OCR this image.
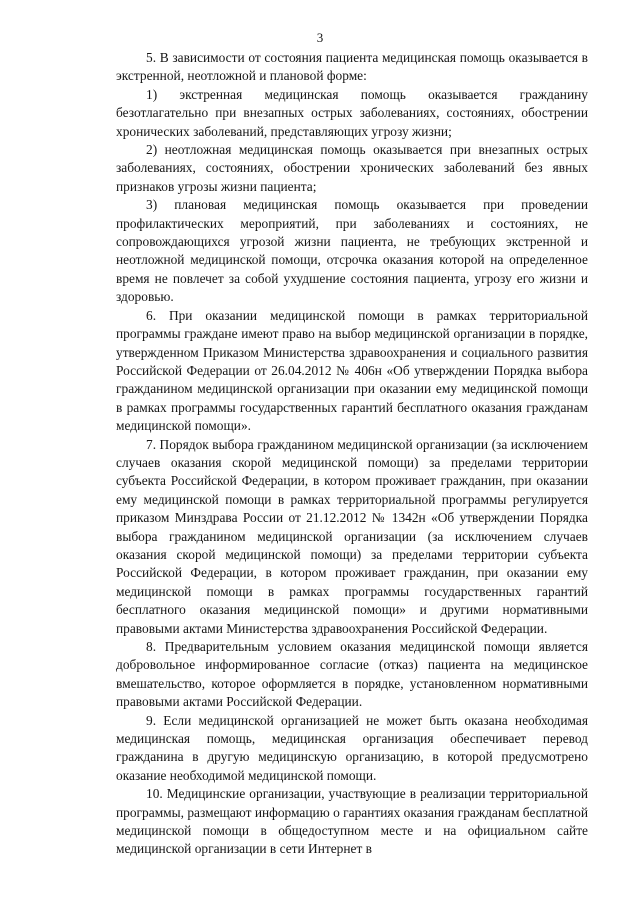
3

5. В зависимости от состояния пациента медицинская помощь оказывается в экстренной, неотложной и плановой форме:

1) экстренная медицинская помощь оказывается гражданину безотлагательно при внезапных острых заболеваниях, состояниях, обострении хронических заболеваний, представляющих угрозу жизни;

2) неотложная медицинская помощь оказывается при внезапных острых заболеваниях, состояниях, обострении хронических заболеваний без явных признаков угрозы жизни пациента;

3) плановая медицинская помощь оказывается при проведении профилактических мероприятий, при заболеваниях и состояниях, не сопровождающихся угрозой жизни пациента, не требующих экстренной и неотложной медицинской помощи, отсрочка оказания которой на определенное время не повлечет за собой ухудшение состояния пациента, угрозу его жизни и здоровью.

6. При оказании медицинской помощи в рамках территориальной программы граждане имеют право на выбор медицинской организации в порядке, утвержденном Приказом Министерства здравоохранения и социального развития Российской Федерации от 26.04.2012 № 406н «Об утверждении Порядка выбора гражданином медицинской организации при оказании ему медицинской помощи в рамках программы государственных гарантий бесплатного оказания гражданам медицинской помощи».

7. Порядок выбора гражданином медицинской организации (за исключением случаев оказания скорой медицинской помощи) за пределами территории субъекта Российской Федерации, в котором проживает гражданин, при оказании ему медицинской помощи в рамках территориальной программы регулируется приказом Минздрава России от 21.12.2012 № 1342н «Об утверждении Порядка выбора гражданином медицинской организации (за исключением случаев оказания скорой медицинской помощи) за пределами территории субъекта Российской Федерации, в котором проживает гражданин, при оказании ему медицинской помощи в рамках программы государственных гарантий бесплатного оказания медицинской помощи» и другими нормативными правовыми актами Министерства здравоохранения Российской Федерации.

8. Предварительным условием оказания медицинской помощи является добровольное информированное согласие (отказ) пациента на медицинское вмешательство, которое оформляется в порядке, установленном нормативными правовыми актами Российской Федерации.

9. Если медицинской организацией не может быть оказана необходимая медицинская помощь, медицинская организация обеспечивает перевод гражданина в другую медицинскую организацию, в которой предусмотрено оказание необходимой медицинской помощи.

10. Медицинские организации, участвующие в реализации территориальной программы, размещают информацию о гарантиях оказания гражданам бесплатной медицинской помощи в общедоступном месте и на официальном сайте медицинской организации в сети Интернет в
